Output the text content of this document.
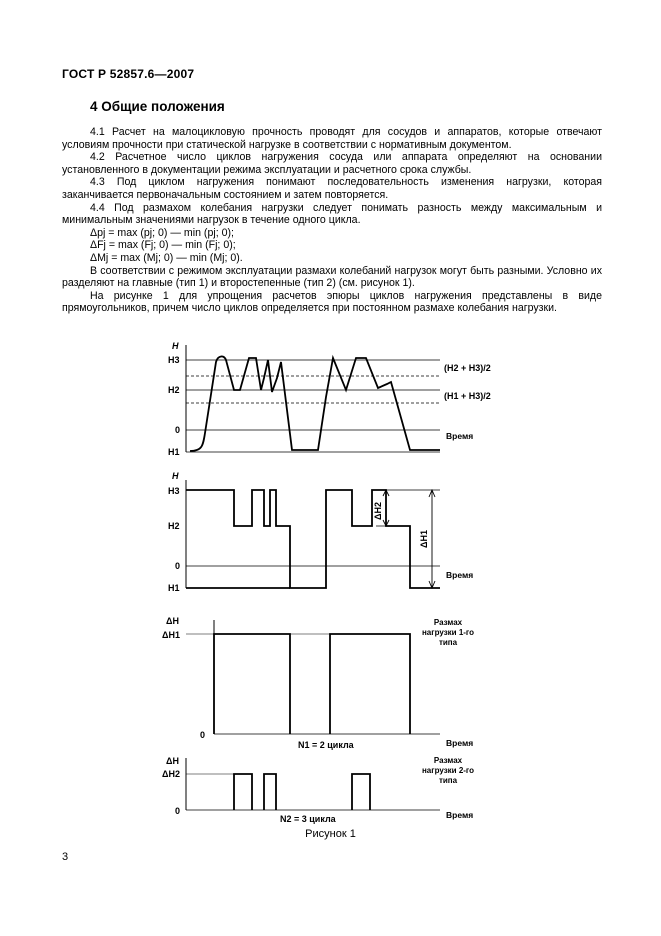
ГОСТ Р 52857.6—2007
4 Общие положения

4.1 Расчет на малоцикловую прочность проводят для сосудов и аппаратов, которые отвечают условиям прочности при статической нагрузке в соответствии с нормативным документом.

4.2 Расчетное число циклов нагружения сосуда или аппарата определяют на основании установленного в документации режима эксплуатации и расчетного срока службы.

4.3 Под циклом нагружения понимают последовательность изменения нагрузки, которая заканчивается первоначальным состоянием и затем повторяется.

4.4 Под размахом колебания нагрузки следует понимать разность между максимальным и минимальным значениями нагрузок в течение одного цикла.

Δpj = max (pj; 0) — min (pj; 0);

ΔFj = max (Fj; 0) — min (Fj; 0);

ΔMj = max (Mj; 0) — min (Mj; 0).

В соответствии с режимом эксплуатации размахи колебаний нагрузок могут быть разными. Условно их разделяют на главные (тип 1) и второстепенные (тип 2) (см. рисунок 1).

На рисунке 1 для упрощения расчетов эпюры циклов нагружения представлены в виде прямоугольников, причем число циклов определяется при постоянном размахе колебания нагрузки.

H
H3
H2
0
H1
(H2 + H3)/2
(H1 + H3)/2
Время
H
H3
H2
0
H1
Время
ΔH2
ΔH1
ΔH
ΔH1
0
Время
N1 = 2 цикла
ΔH
ΔH2
0	Время
N2 = 3 цикла
Размах нагрузки 1-го типа
Размах нагрузки 2-го типа
Рисунок 1
3
